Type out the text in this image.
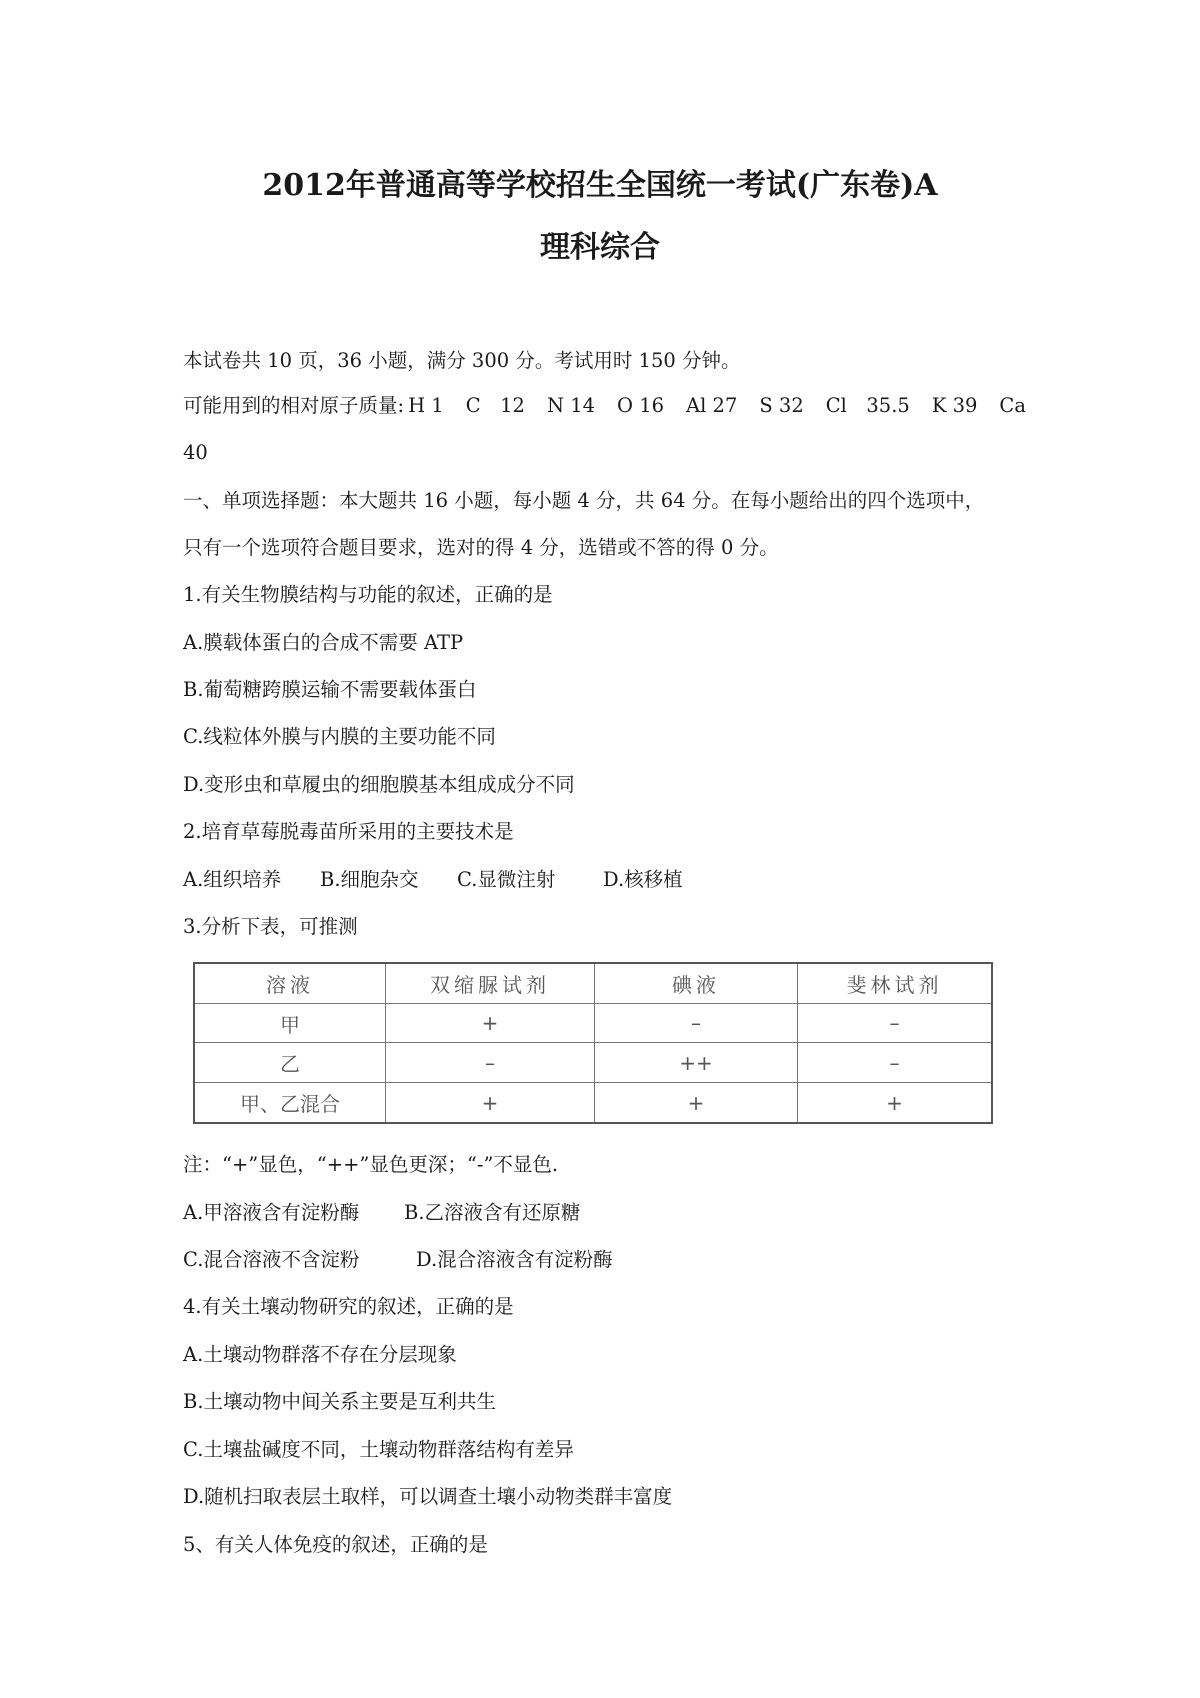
2012年普通高等学校招生全国统一考试(广东卷)A
理科综合

本试卷共 10 页，36 小题，满分 300 分。考试用时 150 分钟。

可能用到的相对原子质量: H 1 C　12 N 14 O 16 Al 27 S 32 Cl　35.5 K 39 Ca

40

一、单项选择题：本大题共 16 小题，每小题 4 分，共 64 分。在每小题给出的四个选项中，

只有一个选项符合题目要求，选对的得 4 分，选错或不答的得 0 分。

1.有关生物膜结构与功能的叙述，正确的是

A.膜载体蛋白的合成不需要 ATP

B.葡萄糖跨膜运输不需要载体蛋白

C.线粒体外膜与内膜的主要功能不同

D.变形虫和草履虫的细胞膜基本组成成分不同

2.培育草莓脱毒苗所采用的主要技术是

A.组织培养 B.细胞杂交 C.显微注射 D.核移植

3.分析下表，可推测

溶液	双缩脲试剂	碘液	斐林试剂
甲	+	–	–
乙	–	++	–
甲、乙混合	+	+	+

注：“+”显色，“++”显色更深；“-”不显色.

A.甲溶液含有淀粉酶 B.乙溶液含有还原糖
C.混合溶液不含淀粉	D.混合溶液含有淀粉酶

4.有关土壤动物研究的叙述，正确的是

A.土壤动物群落不存在分层现象

B.土壤动物中间关系主要是互利共生

C.土壤盐碱度不同，土壤动物群落结构有差异

D.随机扫取表层土取样，可以调查土壤小动物类群丰富度

5、有关人体免疫的叙述，正确的是
